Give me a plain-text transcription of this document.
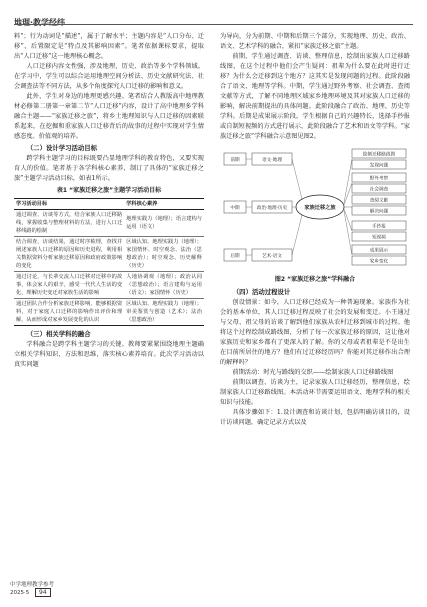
地理·教学经纬

料”；行为动词是“描述”，属于了解水平；主题内容是“人口分布、迁移”，后置限定是“特点及其影响因素”。笔者依据课标要求，提取出“人口迁移”这一地理核心概念。

人口迁移内容文性强，涉及地理、历史、政治等多个学科领域。在学习中，学生可以综合运用地理空间分析法、历史文献研究法、社会调查法等不同方法，从多个角度探究人口迁移的影响和意义。

此外，学生对身边的地理更感兴趣。笔者结合人教版高中地理教材必修第二册第一章第二节“人口迁移”内容，设计了高中地理多学科融合主题——“家族迁移之旅”，将乡土地理知识与人口迁移的因素联系起来，在挖掘和重家族人口迁移背后的故事的过程中实现对学生情感态度、价值观的培养。

（二）设计学习活动目标

跨学科主题学习的目标既要凸显地理学科的教育特色，又要实现育人的价值。笔者基于各学科核心素养，制订了具体的“家族迁移之旅”主题学习活动目标，如表1所示。

表1 “家族迁移之旅”主题学习活动目标
学习活动目标	学科核心素养
通过调查、访谈等方式，结合家族人口迁移路线，掌握收集与整理材料的方法，进行人口迁移线路的绘制	地理实践力（地理）；语言建构与运用（语文）
结合调查，访谈结果，通过时序梳理，查找并阐述家族人口迁移的原因和历史进程，利用相关数据资料分析家族迁移原因和政府政策影响的变化	区域认知、地理实践力（地理）；家国情怀、时空观念、法治（思想政治）；时空观念、历史解释（历史）
通过讨论，与长辈交流人口迁移对迁移中的故事，体会家人的艰辛，感受一代代人生活的变化，理解历史变迁对家族生活的影响	人地协调观（地理）；政治认同（思想政治）；语言建构与运用（语文）；家国情怀（历史）
通过团队合作分析家族迁移影响，能够根据资料，对于家庭人口迁移的影响作出评价和理解，从而形成对家乡发展变化的认识	区域认知、地理实践力（地理）；审美鉴赏与创造（艺术）；法治（思想政治）
（三）相关学科的融合

学科融合是跨学科主题学习的关键。教师要紧紧围绕地理主题确立相关学科知识、方法和思维，落实核心素养培育。此次学习活动以真实问题

为导向，分为前期、中期和后期三个部分，实现地理、历史、政治、语文、艺术学科的融合，紧扣“家族迁移之旅”主题。

前期，学生通过调查、访谈、整理信息，绘制出家族人口迁移路线图，在这个过程中他们会产生疑问：祖辈为什么要在此时进行迁移？为什么会迁移到这个地方？这其实是发现问题的过程。此阶段融合了语文、地理等学科。中期，学生通过野外考察、社会调查、查阅文献等方式，了解不同地理区域家乡地理环境及其对家族人口迁移的影响，解决前期提出的具体问题。此阶段融合了政治、地理、历史等学科。后期是成果展示阶段。学生根据自己的兴趣特长，选择手抄报或自制短视频的方式进行展示，此阶段融合了艺术和语文等学科。“家族迁移之旅”学科融合示意图见图2。

前期
中期
后期
语文·地理
政治·地理·历史
艺术·语文
家族迁移之旅
绘制迁移路线图
发现问题
野外考察
社会调查
查阅文献
解决问题
手抄报
短视频
成果展示
家乡变化
图2 “家族迁移之旅”学科融合
（四）活动过程设计

创设情景：如今，人口迁移已经成为一种普遍现象。家族作为社会的基本单位，其人口迁移过程反映了社会的发展和变迁。小王通过与父母、祖父母的访谈了解到他们家族从农村迁移到城市的过程。他将这个过程绘制成路线图，分析了每一次家族迁移的原因，这让他对家族历史和家乡都有了更深入的了解。你的父母或者祖辈是不是出生在目前所居住的地方？他们有过迁移经历吗？你能对其迁移作出合理的解释吗？

前期活动：时光与路线的交织——绘制家族人口迁移路线图

前期以调查、访谈为主，记录家族人口迁移经历，整理信息，绘制家族人口迁移路线图。本活动环节需要运用语文、地理学科的相关知识与技能。

具体步骤如下：1.设计调查和访谈计划，包括明确访谈目的，设计访谈问题，确定记录方式以及

中学地理教学参考
2025·5 94
